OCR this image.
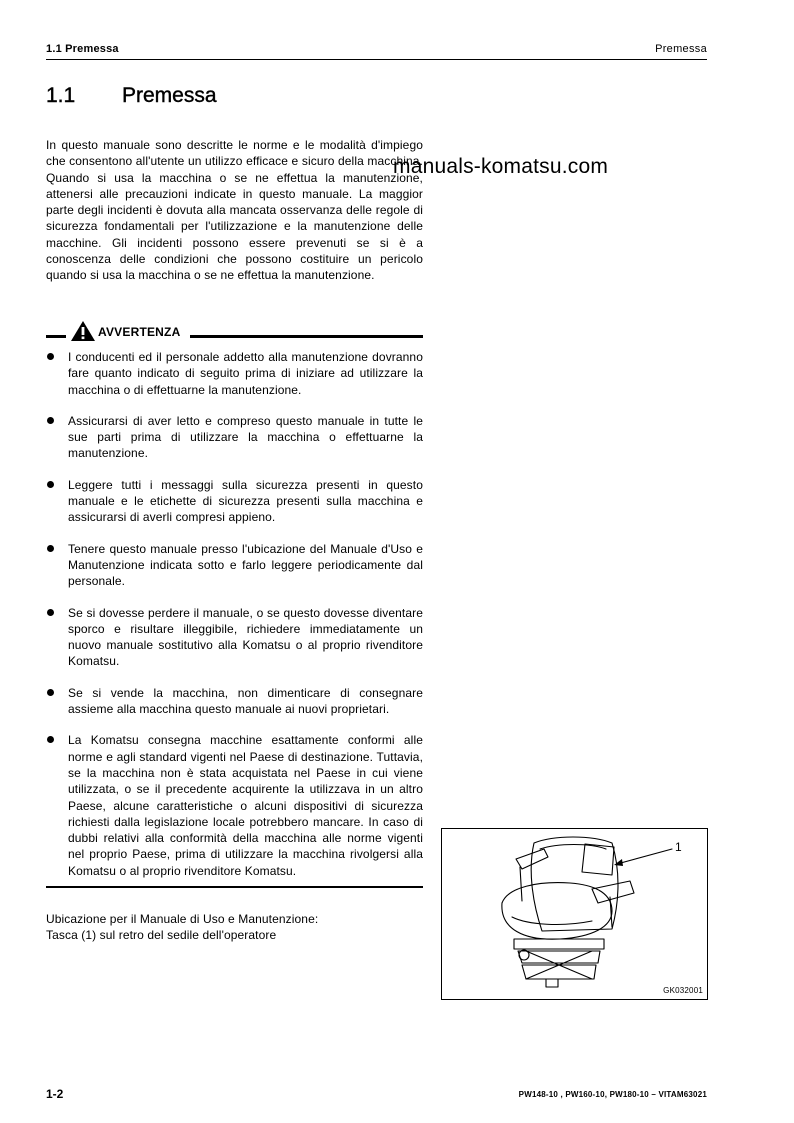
1.1 Premessa	Premessa
1.1 Premessa
In questo manuale sono descritte le norme e le modalità d'impiego che consentono all'utente un utilizzo efficace e sicuro della macchina. Quando si usa la macchina o se ne effettua la manutenzione, attenersi alle precauzioni indicate in questo manuale. La maggior parte degli incidenti è dovuta alla mancata osservanza delle regole di sicurezza fondamentali per l'utilizzazione e la manutenzione delle macchine. Gli incidenti possono essere prevenuti se si è a conoscenza delle condizioni che possono costituire un pericolo quando si usa la macchina o se ne effettua la manutenzione.
manuals-komatsu.com
AVVERTENZA
I conducenti ed il personale addetto alla manutenzione dovranno fare quanto indicato di seguito prima di iniziare ad utilizzare la macchina o di effettuarne la manutenzione.
Assicurarsi di aver letto e compreso questo manuale in tutte le sue parti prima di utilizzare la macchina o effettuarne la manutenzione.
Leggere tutti i messaggi sulla sicurezza presenti in questo manuale e le etichette di sicurezza presenti sulla macchina e assicurarsi di averli compresi appieno.
Tenere questo manuale presso l'ubicazione del Manuale d'Uso e Manutenzione indicata sotto e farlo leggere periodicamente dal personale.
Se si dovesse perdere il manuale, o se questo dovesse diventare sporco e risultare illeggibile, richiedere immediatamente un nuovo manuale sostitutivo alla Komatsu o al proprio rivenditore Komatsu.
Se si vende la macchina, non dimenticare di consegnare assieme alla macchina questo manuale ai nuovi proprietari.
La Komatsu consegna macchine esattamente conformi alle norme e agli standard vigenti nel Paese di destinazione. Tuttavia, se la macchina non è stata acquistata nel Paese in cui viene utilizzata, o se il precedente acquirente la utilizzava in un altro Paese, alcune caratteristiche o alcuni dispositivi di sicurezza richiesti dalla legislazione locale potrebbero mancare. In caso di dubbi relativi alla conformità della macchina alle norme vigenti nel proprio Paese, prima di utilizzare la macchina rivolgersi alla Komatsu o al proprio rivenditore Komatsu.
Ubicazione per il Manuale di Uso e Manutenzione:
Tasca (1) sul retro del sedile dell'operatore
1
GK032001
1-2	PW148-10 , PW160-10, PW180-10 – VITAM63021
